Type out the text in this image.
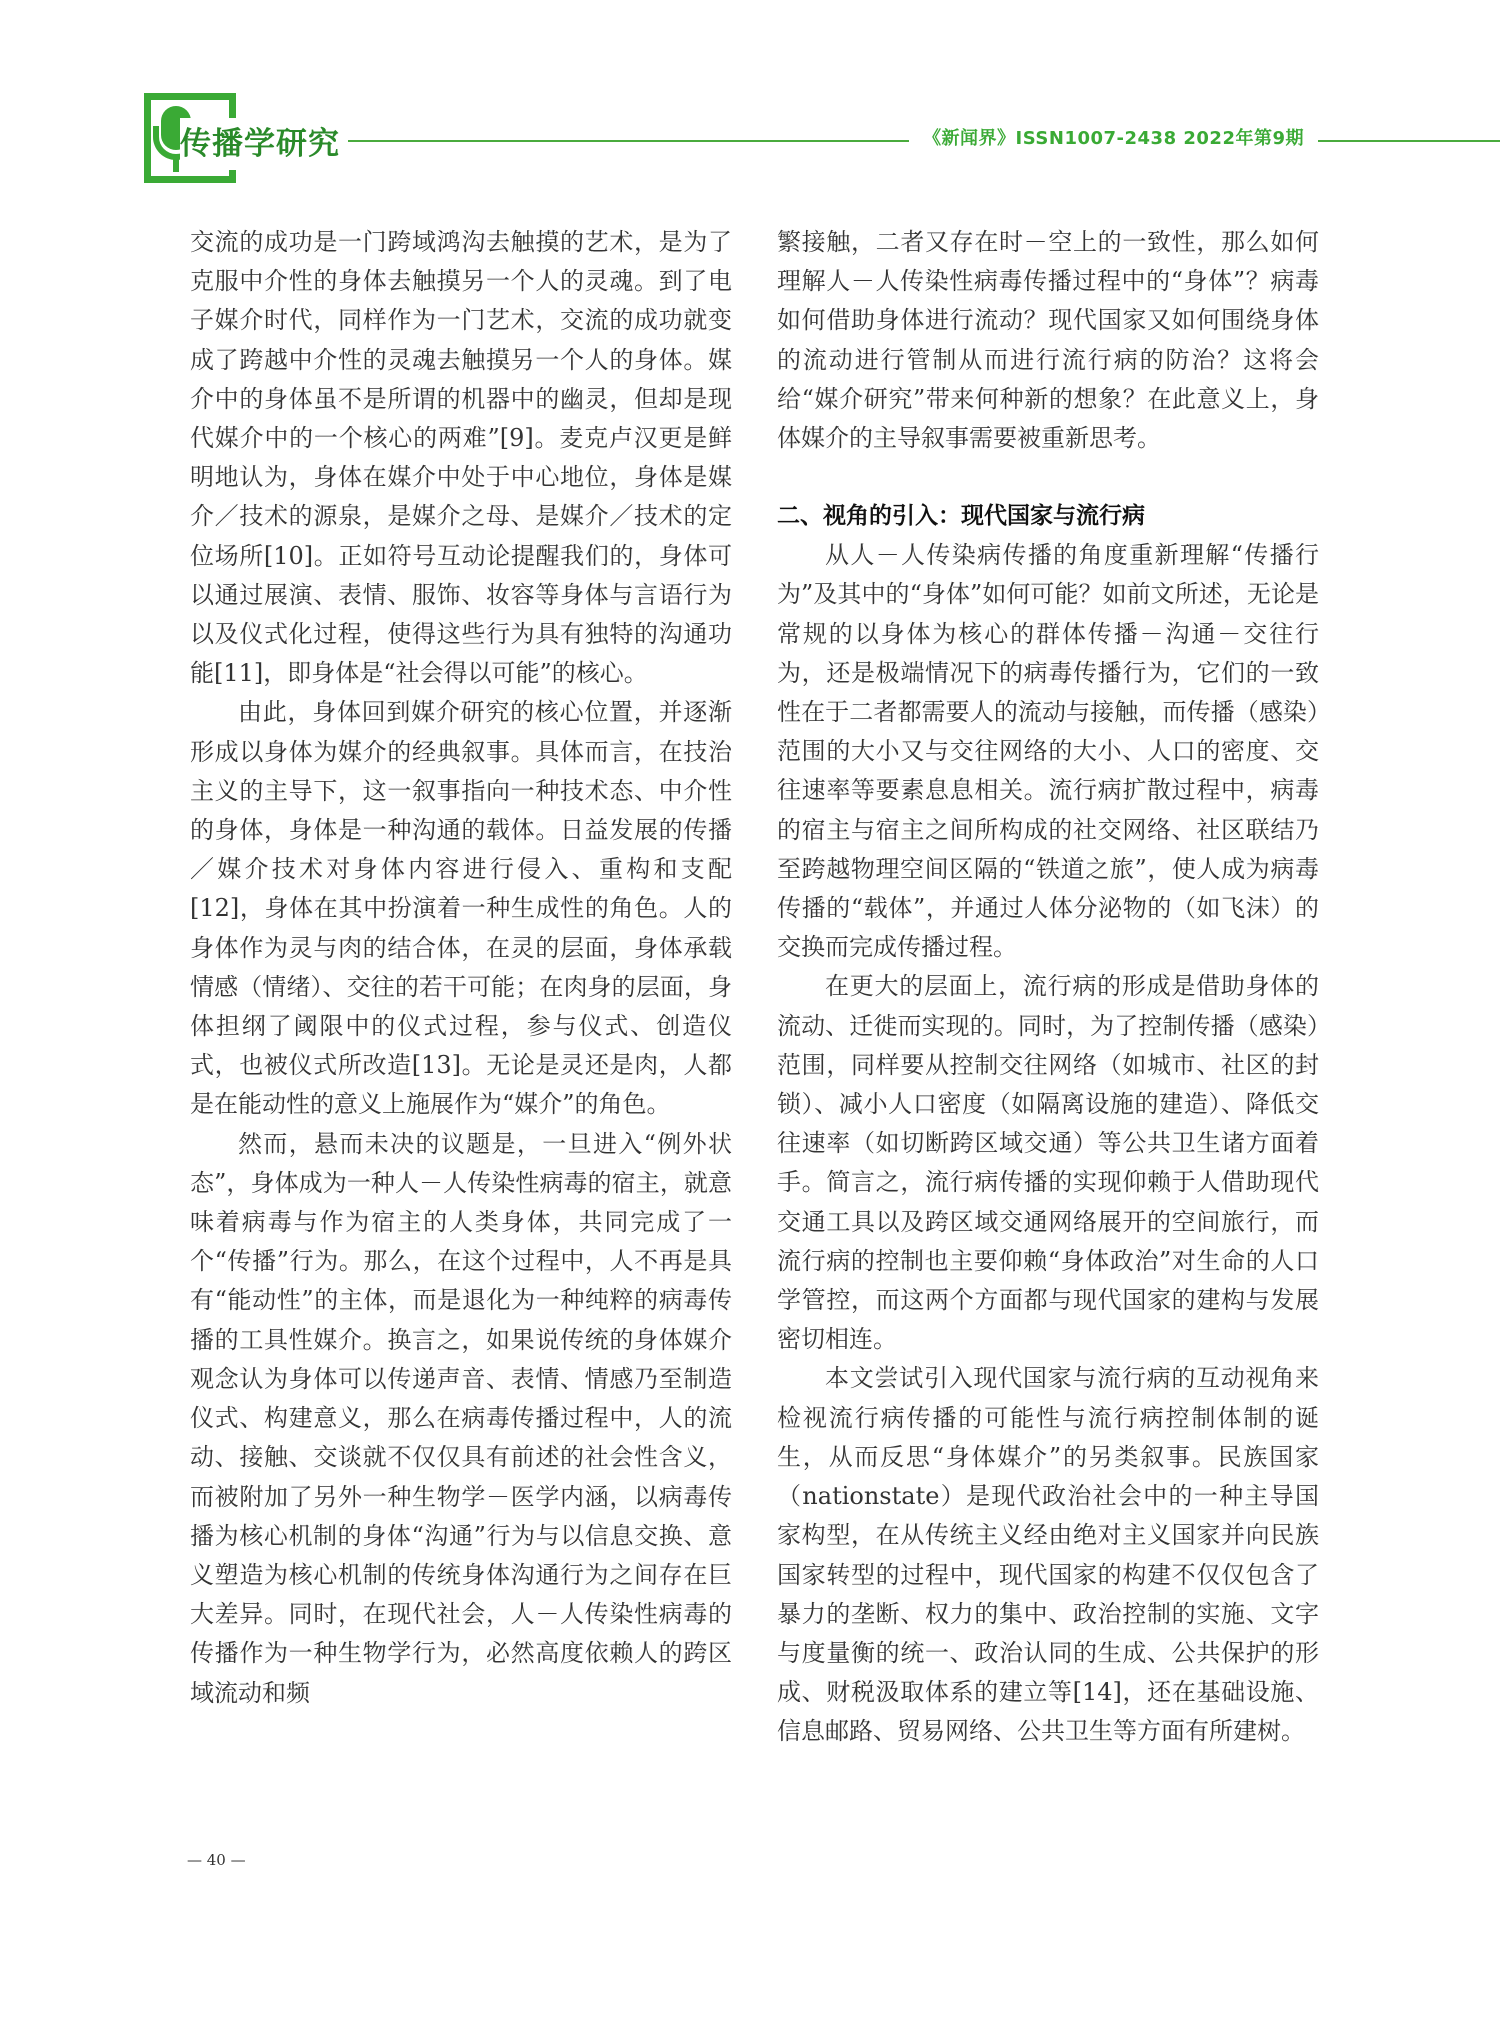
传播学研究	《新闻界》ISSN1007-2438 2022年第9期

交流的成功是一门跨域鸿沟去触摸的艺术，是为了克服中介性的身体去触摸另一个人的灵魂。到了电子媒介时代，同样作为一门艺术，交流的成功就变成了跨越中介性的灵魂去触摸另一个人的身体。媒介中的身体虽不是所谓的机器中的幽灵，但却是现代媒介中的一个核心的两难”[9]。麦克卢汉更是鲜明地认为，身体在媒介中处于中心地位，身体是媒介／技术的源泉，是媒介之母、是媒介／技术的定位场所[10]。正如符号互动论提醒我们的，身体可以通过展演、表情、服饰、妆容等身体与言语行为以及仪式化过程，使得这些行为具有独特的沟通功能[11]，即身体是“社会得以可能”的核心。

由此，身体回到媒介研究的核心位置，并逐渐形成以身体为媒介的经典叙事。具体而言，在技治主义的主导下，这一叙事指向一种技术态、中介性的身体，身体是一种沟通的载体。日益发展的传播／媒介技术对身体内容进行侵入、重构和支配[12]，身体在其中扮演着一种生成性的角色。人的身体作为灵与肉的结合体，在灵的层面，身体承载情感（情绪）、交往的若干可能；在肉身的层面，身体担纲了阈限中的仪式过程，参与仪式、创造仪式，也被仪式所改造[13]。无论是灵还是肉，人都是在能动性的意义上施展作为“媒介”的角色。

然而，悬而未决的议题是，一旦进入“例外状态”，身体成为一种人－人传染性病毒的宿主，就意味着病毒与作为宿主的人类身体，共同完成了一个“传播”行为。那么，在这个过程中，人不再是具有“能动性”的主体，而是退化为一种纯粹的病毒传播的工具性媒介。换言之，如果说传统的身体媒介观念认为身体可以传递声音、表情、情感乃至制造仪式、构建意义，那么在病毒传播过程中，人的流动、接触、交谈就不仅仅具有前述的社会性含义，而被附加了另外一种生物学－医学内涵，以病毒传播为核心机制的身体“沟通”行为与以信息交换、意义塑造为核心机制的传统身体沟通行为之间存在巨大差异。同时，在现代社会，人－人传染性病毒的传播作为一种生物学行为，必然高度依赖人的跨区域流动和频

繁接触，二者又存在时－空上的一致性，那么如何理解人－人传染性病毒传播过程中的“身体”？病毒如何借助身体进行流动？现代国家又如何围绕身体的流动进行管制从而进行流行病的防治？这将会给“媒介研究”带来何种新的想象？在此意义上，身体媒介的主导叙事需要被重新思考。

二、视角的引入：现代国家与流行病

从人－人传染病传播的角度重新理解“传播行为”及其中的“身体”如何可能？如前文所述，无论是常规的以身体为核心的群体传播－沟通－交往行为，还是极端情况下的病毒传播行为，它们的一致性在于二者都需要人的流动与接触，而传播（感染）范围的大小又与交往网络的大小、人口的密度、交往速率等要素息息相关。流行病扩散过程中，病毒的宿主与宿主之间所构成的社交网络、社区联结乃至跨越物理空间区隔的“铁道之旅”，使人成为病毒传播的“载体”，并通过人体分泌物的（如飞沫）的交换而完成传播过程。

在更大的层面上，流行病的形成是借助身体的流动、迁徙而实现的。同时，为了控制传播（感染）范围，同样要从控制交往网络（如城市、社区的封锁）、减小人口密度（如隔离设施的建造）、降低交往速率（如切断跨区域交通）等公共卫生诸方面着手。简言之，流行病传播的实现仰赖于人借助现代交通工具以及跨区域交通网络展开的空间旅行，而流行病的控制也主要仰赖“身体政治”对生命的人口学管控，而这两个方面都与现代国家的建构与发展密切相连。

本文尝试引入现代国家与流行病的互动视角来检视流行病传播的可能性与流行病控制体制的诞生，从而反思“身体媒介”的另类叙事。民族国家（nationstate）是现代政治社会中的一种主导国家构型，在从传统主义经由绝对主义国家并向民族国家转型的过程中，现代国家的构建不仅仅包含了暴力的垄断、权力的集中、政治控制的实施、文字与度量衡的统一、政治认同的生成、公共保护的形成、财税汲取体系的建立等[14]，还在基础设施、信息邮路、贸易网络、公共卫生等方面有所建树。

— 40 —
